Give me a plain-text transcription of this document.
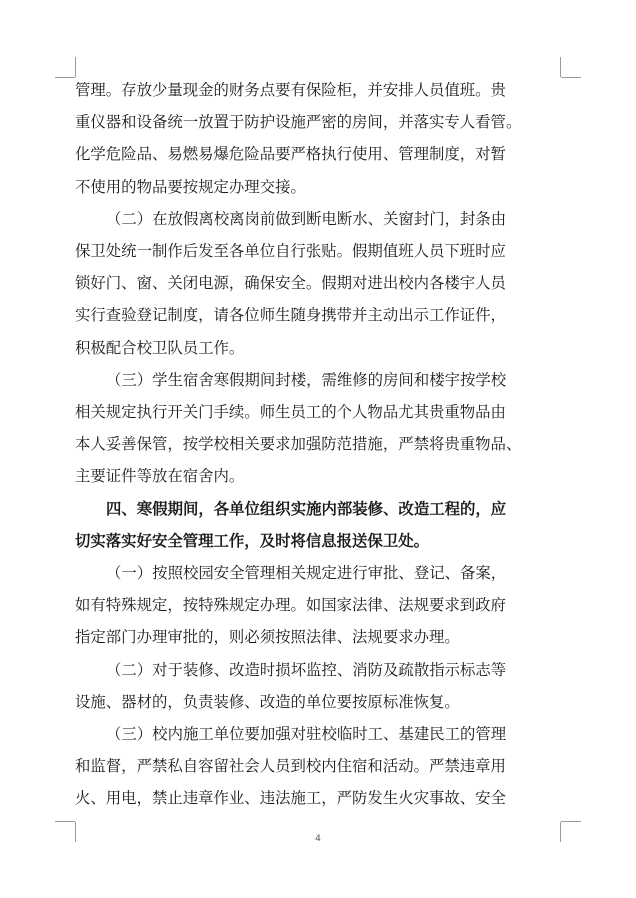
管理。存放少量现金的财务点要有保险柜，并安排人员值班。贵
重仪器和设备统一放置于防护设施严密的房间，并落实专人看管。
化学危险品、易燃易爆危险品要严格执行使用、管理制度，对暂
不使用的物品要按规定办理交接。
（二）在放假离校离岗前做到断电断水、关窗封门，封条由
保卫处统一制作后发至各单位自行张贴。假期值班人员下班时应
锁好门、窗、关闭电源，确保安全。假期对进出校内各楼宇人员
实行查验登记制度，请各位师生随身携带并主动出示工作证件，
积极配合校卫队员工作。
（三）学生宿舍寒假期间封楼，需维修的房间和楼宇按学校
相关规定执行开关门手续。师生员工的个人物品尤其贵重物品由
本人妥善保管，按学校相关要求加强防范措施，严禁将贵重物品、
主要证件等放在宿舍内。
四、寒假期间，各单位组织实施内部装修、改造工程的，应
切实落实好安全管理工作，及时将信息报送保卫处。
（一）按照校园安全管理相关规定进行审批、登记、备案，
如有特殊规定，按特殊规定办理。如国家法律、法规要求到政府
指定部门办理审批的，则必须按照法律、法规要求办理。
（二）对于装修、改造时损坏监控、消防及疏散指示标志等
设施、器材的，负责装修、改造的单位要按原标准恢复。
（三）校内施工单位要加强对驻校临时工、基建民工的管理
和监督，严禁私自容留社会人员到校内住宿和活动。严禁违章用
火、用电，禁止违章作业、违法施工，严防发生火灾事故、安全
4
